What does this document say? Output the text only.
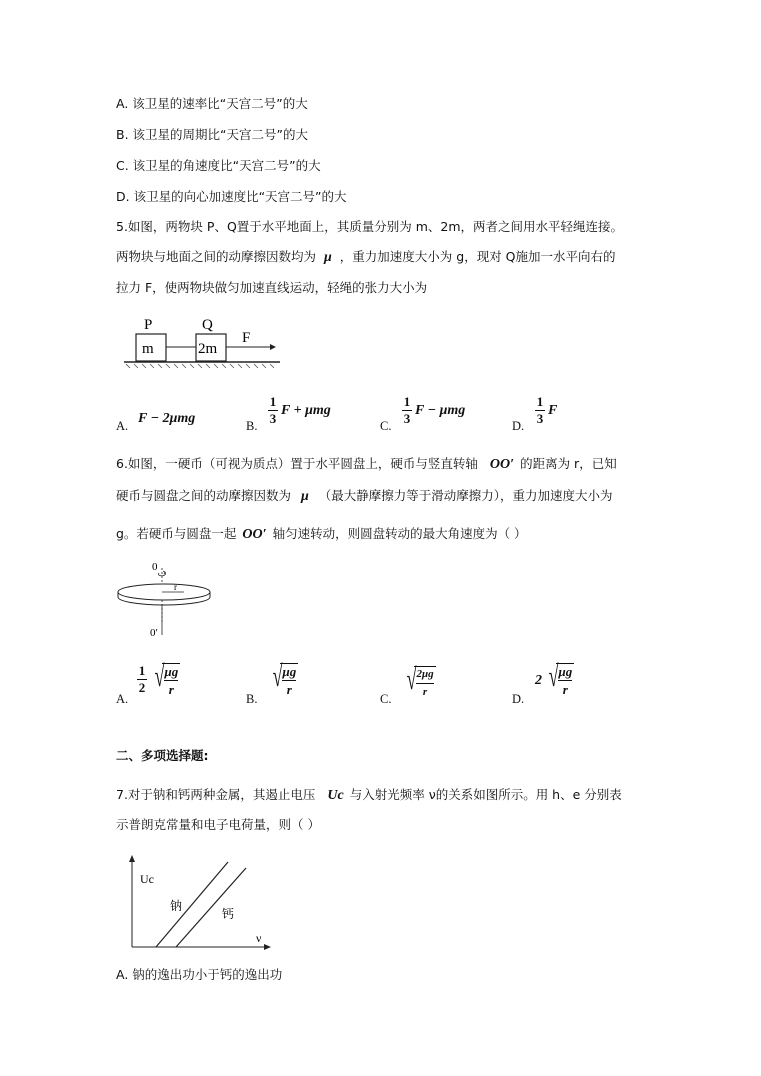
A. 该卫星的速率比“天宫二号”的大
B. 该卫星的周期比“天宫二号”的大
C. 该卫星的角速度比“天宫二号”的大
D. 该卫星的向心加速度比“天宫二号”的大
5.如图，两物块 P、Q置于水平地面上，其质量分别为 m、2m，两者之间用水平轻绳连接。
两物块与地面之间的动摩擦因数均为 μ ，重力加速度大小为 g，现对 Q施加一水平向右的
拉力 F，使两物块做匀加速直线运动，轻绳的张力大小为
P
m
Q
2m
F
A. F − 2μmg	B.
1
3
F + μmg
C.
1
3
F − μmg
D.
1
3
F
6.如图，一硬币（可视为质点）置于水平圆盘上，硬币与竖直转轴 OO′ 的距离为 r，已知
硬币与圆盘之间的动摩擦因数为 μ （最大静摩擦力等于滑动摩擦力），重力加速度大小为
g。若硬币与圆盘一起 OO′ 轴匀速转动，则圆盘转动的最大角速度为（ ）
0
r
0′
A.
1
2 √ μg
r
B.
√ μg
r
C.
√ 2μg
r	D.
2 √ μg
r
二、多项选择题:
7.对于钠和钙两种金属，其遏止电压 Uc 与入射光频率 ν的关系如图所示。用 h、e 分别表
示普朗克常量和电子电荷量，则（ ）
Uc
ν
钠
钙
A. 钠的逸出功小于钙的逸出功
